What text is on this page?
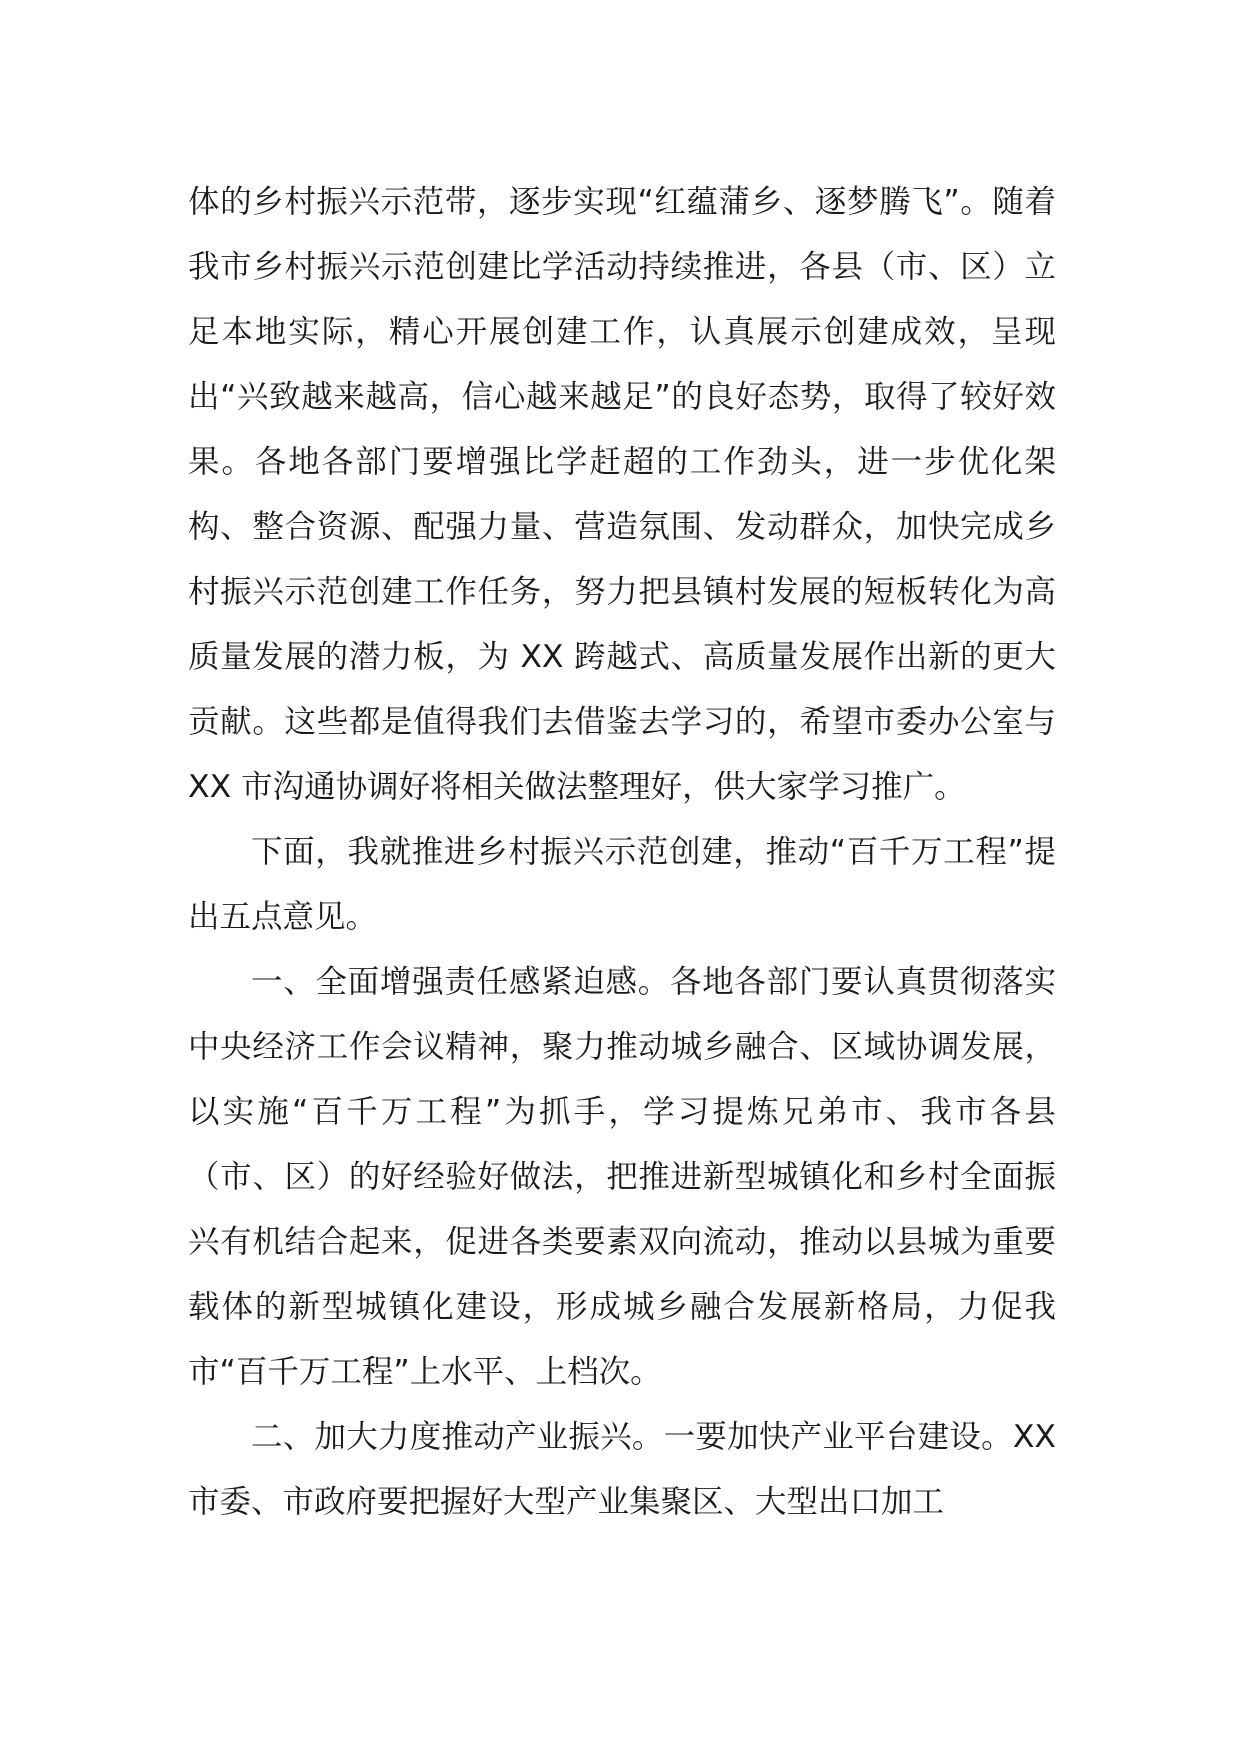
体的乡村振兴示范带，逐步实现“红蕴蒲乡、逐梦腾飞”。随着我市乡村振兴示范创建比学活动持续推进，各县（市、区）立足本地实际，精心开展创建工作，认真展示创建成效，呈现出“兴致越来越高，信心越来越足”的良好态势，取得了较好效果。各地各部门要增强比学赶超的工作劲头，进一步优化架构、整合资源、配强力量、营造氛围、发动群众，加快完成乡村振兴示范创建工作任务，努力把县镇村发展的短板转化为高质量发展的潜力板，为 XX 跨越式、高质量发展作出新的更大贡献。这些都是值得我们去借鉴去学习的，希望市委办公室与 XX 市沟通协调好将相关做法整理好，供大家学习推广。

下面，我就推进乡村振兴示范创建，推动“百千万工程”提出五点意见。

一、全面增强责任感紧迫感。各地各部门要认真贯彻落实中央经济工作会议精神，聚力推动城乡融合、区域协调发展，以实施“百千万工程”为抓手，学习提炼兄弟市、我市各县（市、区）的好经验好做法，把推进新型城镇化和乡村全面振兴有机结合起来，促进各类要素双向流动，推动以县城为重要载体的新型城镇化建设，形成城乡融合发展新格局，力促我市“百千万工程”上水平、上档次。

二、加大力度推动产业振兴。一要加快产业平台建设。XX 市委、市政府要把握好大型产业集聚区、大型出口加工
